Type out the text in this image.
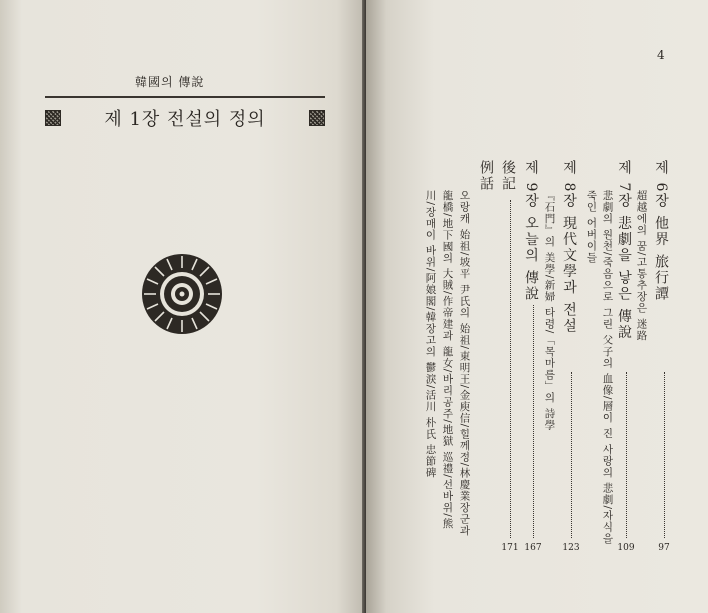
韓國의 傳說
제 1장 전설의 정의
4
제 6장 他界 旅行譚
97
超越에의 꿈/고통추장은 迷路
제 7장 悲劇을 낳은 傳說
109
悲劇의 원천/죽음으로 그린 父子의 血像/層이 진 사랑의 悲劇/자식을
죽인 어버이들
제 8장 現代文學과 전설
123
『石門』의 美學/新婦 타령/「목마름」의 詩學
제 9장 오늘의 傳說
167
後記
171
例話
오랑캐 始祖/坡平 尹氏의 始祖/東明王/金庾信/힐께정/林慶業장군과
龍橋/地下國의 大賊/作帝建과 龍女/바리공주/地獄 巡禮/선바위/熊
川/장매이 바위/阿娘閣/韓장고의 鬱淚/活川 朴氏 忠節碑
